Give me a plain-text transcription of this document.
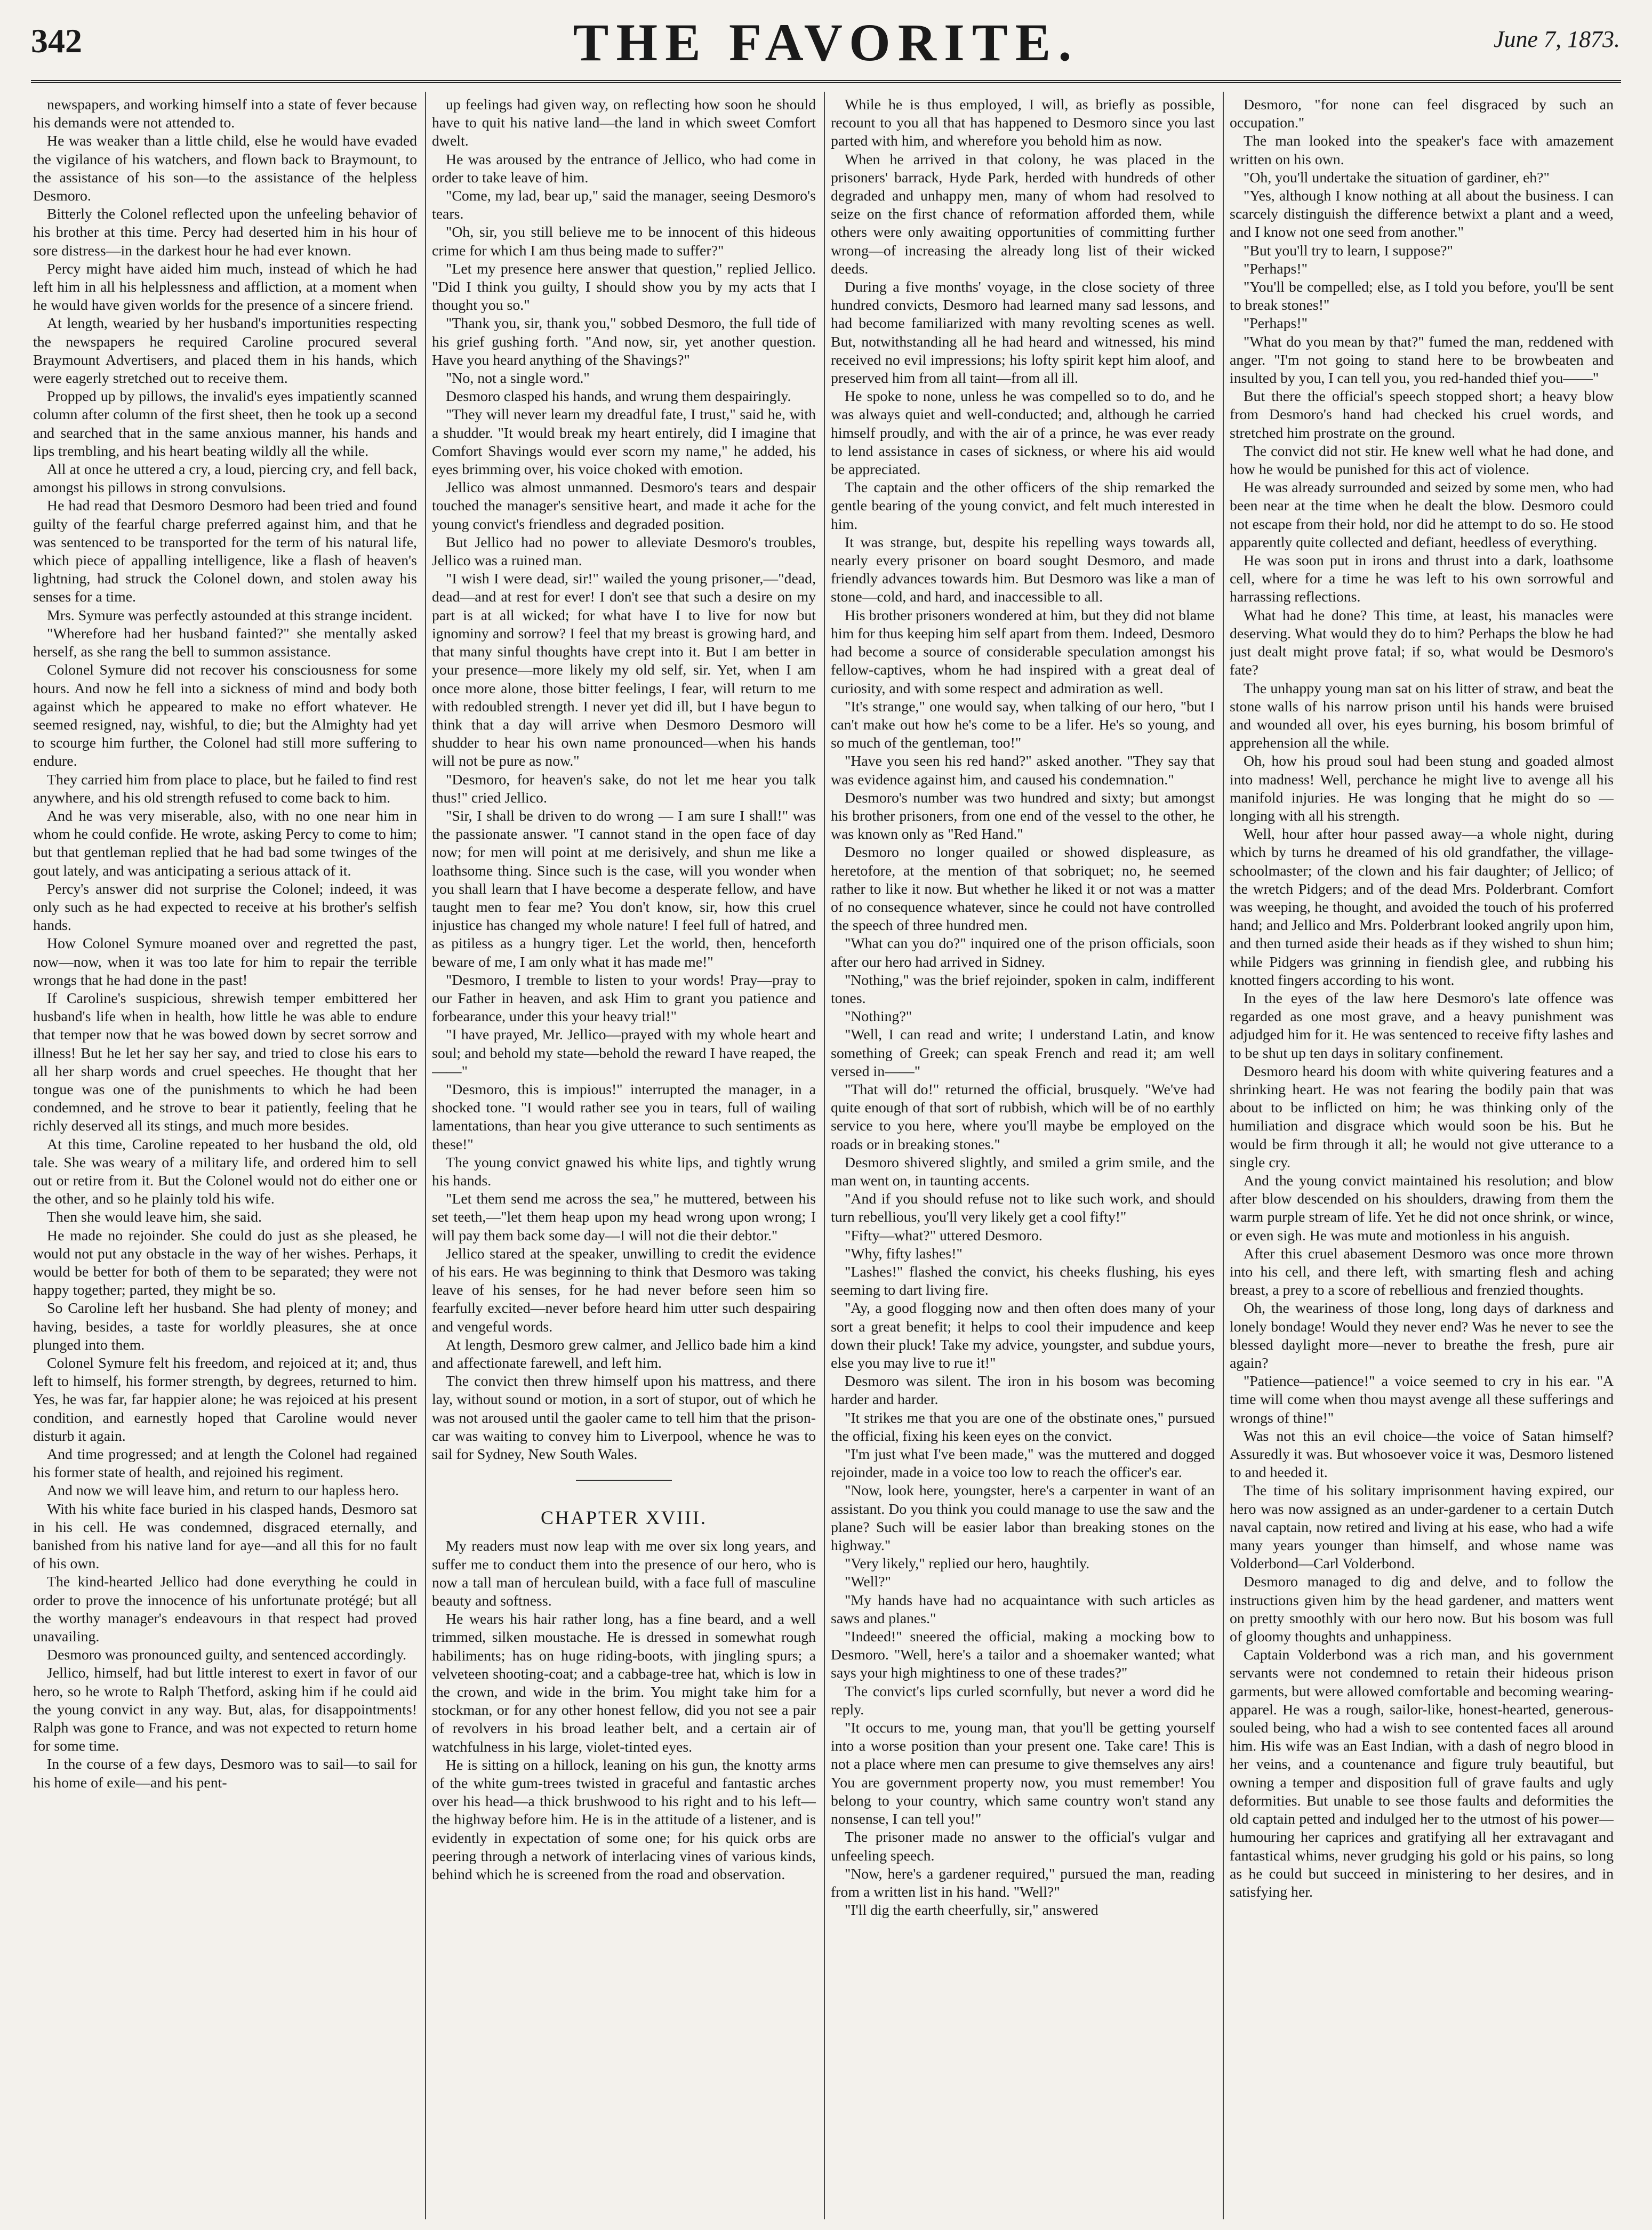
342	THE FAVORITE.	June 7, 1873.

newspapers, and working himself into a state of fever because his demands were not attended to.

He was weaker than a little child, else he would have evaded the vigilance of his watchers, and flown back to Braymount, to the assistance of his son—to the assistance of the helpless Desmoro.

Bitterly the Colonel reflected upon the unfeeling behavior of his brother at this time. Percy had deserted him in his hour of sore distress—in the darkest hour he had ever known.

Percy might have aided him much, instead of which he had left him in all his helplessness and affliction, at a moment when he would have given worlds for the presence of a sincere friend.

At length, wearied by her husband's importunities respecting the newspapers he required Caroline procured several Braymount Advertisers, and placed them in his hands, which were eagerly stretched out to receive them.

Propped up by pillows, the invalid's eyes impatiently scanned column after column of the first sheet, then he took up a second and searched that in the same anxious manner, his hands and lips trembling, and his heart beating wildly all the while.

All at once he uttered a cry, a loud, piercing cry, and fell back, amongst his pillows in strong convulsions.

He had read that Desmoro Desmoro had been tried and found guilty of the fearful charge preferred against him, and that he was sentenced to be transported for the term of his natural life, which piece of appalling intelligence, like a flash of heaven's lightning, had struck the Colonel down, and stolen away his senses for a time.

Mrs. Symure was perfectly astounded at this strange incident.

"Wherefore had her husband fainted?" she mentally asked herself, as she rang the bell to summon assistance.

Colonel Symure did not recover his consciousness for some hours. And now he fell into a sickness of mind and body both against which he appeared to make no effort whatever. He seemed resigned, nay, wishful, to die; but the Almighty had yet to scourge him further, the Colonel had still more suffering to endure.

They carried him from place to place, but he failed to find rest anywhere, and his old strength refused to come back to him.

And he was very miserable, also, with no one near him in whom he could confide. He wrote, asking Percy to come to him; but that gentleman replied that he had bad some twinges of the gout lately, and was anticipating a serious attack of it.

Percy's answer did not surprise the Colonel; indeed, it was only such as he had expected to receive at his brother's selfish hands.

How Colonel Symure moaned over and regretted the past, now—now, when it was too late for him to repair the terrible wrongs that he had done in the past!

If Caroline's suspicious, shrewish temper embittered her husband's life when in health, how little he was able to endure that temper now that he was bowed down by secret sorrow and illness! But he let her say her say, and tried to close his ears to all her sharp words and cruel speeches. He thought that her tongue was one of the punishments to which he had been condemned, and he strove to bear it patiently, feeling that he richly deserved all its stings, and much more besides.

At this time, Caroline repeated to her husband the old, old tale. She was weary of a military life, and ordered him to sell out or retire from it. But the Colonel would not do either one or the other, and so he plainly told his wife.

Then she would leave him, she said.

He made no rejoinder. She could do just as she pleased, he would not put any obstacle in the way of her wishes. Perhaps, it would be better for both of them to be separated; they were not happy together; parted, they might be so.

So Caroline left her husband. She had plenty of money; and having, besides, a taste for worldly pleasures, she at once plunged into them.

Colonel Symure felt his freedom, and rejoiced at it; and, thus left to himself, his former strength, by degrees, returned to him. Yes, he was far, far happier alone; he was rejoiced at his present condition, and earnestly hoped that Caroline would never disturb it again.

And time progressed; and at length the Colonel had regained his former state of health, and rejoined his regiment.

And now we will leave him, and return to our hapless hero.

With his white face buried in his clasped hands, Desmoro sat in his cell. He was condemned, disgraced eternally, and banished from his native land for aye—and all this for no fault of his own.

The kind-hearted Jellico had done everything he could in order to prove the innocence of his unfortunate protégé; but all the worthy manager's endeavours in that respect had proved unavailing.

Desmoro was pronounced guilty, and sentenced accordingly.

Jellico, himself, had but little interest to exert in favor of our hero, so he wrote to Ralph Thetford, asking him if he could aid the young convict in any way. But, alas, for disappointments! Ralph was gone to France, and was not expected to return home for some time.

In the course of a few days, Desmoro was to sail—to sail for his home of exile—and his pent-

up feelings had given way, on reflecting how soon he should have to quit his native land—the land in which sweet Comfort dwelt.

He was aroused by the entrance of Jellico, who had come in order to take leave of him.

"Come, my lad, bear up," said the manager, seeing Desmoro's tears.

"Oh, sir, you still believe me to be innocent of this hideous crime for which I am thus being made to suffer?"

"Let my presence here answer that question," replied Jellico. "Did I think you guilty, I should show you by my acts that I thought you so."

"Thank you, sir, thank you," sobbed Desmoro, the full tide of his grief gushing forth. "And now, sir, yet another question. Have you heard anything of the Shavings?"

"No, not a single word."

Desmoro clasped his hands, and wrung them despairingly.

"They will never learn my dreadful fate, I trust," said he, with a shudder. "It would break my heart entirely, did I imagine that Comfort Shavings would ever scorn my name," he added, his eyes brimming over, his voice choked with emotion.

Jellico was almost unmanned. Desmoro's tears and despair touched the manager's sensitive heart, and made it ache for the young convict's friendless and degraded position.

But Jellico had no power to alleviate Desmoro's troubles, Jellico was a ruined man.

"I wish I were dead, sir!" wailed the young prisoner,—"dead, dead—and at rest for ever! I don't see that such a desire on my part is at all wicked; for what have I to live for now but ignominy and sorrow? I feel that my breast is growing hard, and that many sinful thoughts have crept into it. But I am better in your presence—more likely my old self, sir. Yet, when I am once more alone, those bitter feelings, I fear, will return to me with redoubled strength. I never yet did ill, but I have begun to think that a day will arrive when Desmoro Desmoro will shudder to hear his own name pronounced—when his hands will not be pure as now."

"Desmoro, for heaven's sake, do not let me hear you talk thus!" cried Jellico.

"Sir, I shall be driven to do wrong — I am sure I shall!" was the passionate answer. "I cannot stand in the open face of day now; for men will point at me derisively, and shun me like a loathsome thing. Since such is the case, will you wonder when you shall learn that I have become a desperate fellow, and have taught men to fear me? You don't know, sir, how this cruel injustice has changed my whole nature! I feel full of hatred, and as pitiless as a hungry tiger. Let the world, then, henceforth beware of me, I am only what it has made me!"

"Desmoro, I tremble to listen to your words! Pray—pray to our Father in heaven, and ask Him to grant you patience and forbearance, under this your heavy trial!"

"I have prayed, Mr. Jellico—prayed with my whole heart and soul; and behold my state—behold the reward I have reaped, the——"

"Desmoro, this is impious!" interrupted the manager, in a shocked tone. "I would rather see you in tears, full of wailing lamentations, than hear you give utterance to such sentiments as these!"

The young convict gnawed his white lips, and tightly wrung his hands.

"Let them send me across the sea," he muttered, between his set teeth,—"let them heap upon my head wrong upon wrong; I will pay them back some day—I will not die their debtor."

Jellico stared at the speaker, unwilling to credit the evidence of his ears. He was beginning to think that Desmoro was taking leave of his senses, for he had never before seen him so fearfully excited—never before heard him utter such despairing and vengeful words.

At length, Desmoro grew calmer, and Jellico bade him a kind and affectionate farewell, and left him.

The convict then threw himself upon his mattress, and there lay, without sound or motion, in a sort of stupor, out of which he was not aroused until the gaoler came to tell him that the prison-car was waiting to convey him to Liverpool, whence he was to sail for Sydney, New South Wales.

CHAPTER XVIII.

My readers must now leap with me over six long years, and suffer me to conduct them into the presence of our hero, who is now a tall man of herculean build, with a face full of masculine beauty and softness.

He wears his hair rather long, has a fine beard, and a well trimmed, silken moustache. He is dressed in somewhat rough habiliments; has on huge riding-boots, with jingling spurs; a velveteen shooting-coat; and a cabbage-tree hat, which is low in the crown, and wide in the brim. You might take him for a stockman, or for any other honest fellow, did you not see a pair of revolvers in his broad leather belt, and a certain air of watchfulness in his large, violet-tinted eyes.

He is sitting on a hillock, leaning on his gun, the knotty arms of the white gum-trees twisted in graceful and fantastic arches over his head—a thick brushwood to his right and to his left—the highway before him. He is in the attitude of a listener, and is evidently in expectation of some one; for his quick orbs are peering through a network of interlacing vines of various kinds, behind which he is screened from the road and observation.

While he is thus employed, I will, as briefly as possible, recount to you all that has happened to Desmoro since you last parted with him, and wherefore you behold him as now.

When he arrived in that colony, he was placed in the prisoners' barrack, Hyde Park, herded with hundreds of other degraded and unhappy men, many of whom had resolved to seize on the first chance of reformation afforded them, while others were only awaiting opportunities of committing further wrong—of increasing the already long list of their wicked deeds.

During a five months' voyage, in the close society of three hundred convicts, Desmoro had learned many sad lessons, and had become familiarized with many revolting scenes as well. But, notwithstanding all he had heard and witnessed, his mind received no evil impressions; his lofty spirit kept him aloof, and preserved him from all taint—from all ill.

He spoke to none, unless he was compelled so to do, and he was always quiet and well-conducted; and, although he carried himself proudly, and with the air of a prince, he was ever ready to lend assistance in cases of sickness, or where his aid would be appreciated.

The captain and the other officers of the ship remarked the gentle bearing of the young convict, and felt much interested in him.

It was strange, but, despite his repelling ways towards all, nearly every prisoner on board sought Desmoro, and made friendly advances towards him. But Desmoro was like a man of stone—cold, and hard, and inaccessible to all.

His brother prisoners wondered at him, but they did not blame him for thus keeping him self apart from them. Indeed, Desmoro had become a source of considerable speculation amongst his fellow-captives, whom he had inspired with a great deal of curiosity, and with some respect and admiration as well.

"It's strange," one would say, when talking of our hero, "but I can't make out how he's come to be a lifer. He's so young, and so much of the gentleman, too!"

"Have you seen his red hand?" asked another. "They say that was evidence against him, and caused his condemnation."

Desmoro's number was two hundred and sixty; but amongst his brother prisoners, from one end of the vessel to the other, he was known only as "Red Hand."

Desmoro no longer quailed or showed displeasure, as heretofore, at the mention of that sobriquet; no, he seemed rather to like it now. But whether he liked it or not was a matter of no consequence whatever, since he could not have controlled the speech of three hundred men.

"What can you do?" inquired one of the prison officials, soon after our hero had arrived in Sidney.

"Nothing," was the brief rejoinder, spoken in calm, indifferent tones.

"Nothing?"

"Well, I can read and write; I understand Latin, and know something of Greek; can speak French and read it; am well versed in——"

"That will do!" returned the official, brusquely. "We've had quite enough of that sort of rubbish, which will be of no earthly service to you here, where you'll maybe be employed on the roads or in breaking stones."

Desmoro shivered slightly, and smiled a grim smile, and the man went on, in taunting accents.

"And if you should refuse not to like such work, and should turn rebellious, you'll very likely get a cool fifty!"

"Fifty—what?" uttered Desmoro.

"Why, fifty lashes!"

"Lashes!" flashed the convict, his cheeks flushing, his eyes seeming to dart living fire.

"Ay, a good flogging now and then often does many of your sort a great benefit; it helps to cool their impudence and keep down their pluck! Take my advice, youngster, and subdue yours, else you may live to rue it!"

Desmoro was silent. The iron in his bosom was becoming harder and harder.

"It strikes me that you are one of the obstinate ones," pursued the official, fixing his keen eyes on the convict.

"I'm just what I've been made," was the muttered and dogged rejoinder, made in a voice too low to reach the officer's ear.

"Now, look here, youngster, here's a carpenter in want of an assistant. Do you think you could manage to use the saw and the plane? Such will be easier labor than breaking stones on the highway."

"Very likely," replied our hero, haughtily.

"Well?"

"My hands have had no acquaintance with such articles as saws and planes."

"Indeed!" sneered the official, making a mocking bow to Desmoro. "Well, here's a tailor and a shoemaker wanted; what says your high mightiness to one of these trades?"

The convict's lips curled scornfully, but never a word did he reply.

"It occurs to me, young man, that you'll be getting yourself into a worse position than your present one. Take care! This is not a place where men can presume to give themselves any airs! You are government property now, you must remember! You belong to your country, which same country won't stand any nonsense, I can tell you!"

The prisoner made no answer to the official's vulgar and unfeeling speech.

"Now, here's a gardener required," pursued the man, reading from a written list in his hand. "Well?"

"I'll dig the earth cheerfully, sir," answered

Desmoro, "for none can feel disgraced by such an occupation."

The man looked into the speaker's face with amazement written on his own.

"Oh, you'll undertake the situation of gardiner, eh?"

"Yes, although I know nothing at all about the business. I can scarcely distinguish the difference betwixt a plant and a weed, and I know not one seed from another."

"But you'll try to learn, I suppose?"

"Perhaps!"

"You'll be compelled; else, as I told you before, you'll be sent to break stones!"

"Perhaps!"

"What do you mean by that?" fumed the man, reddened with anger. "I'm not going to stand here to be browbeaten and insulted by you, I can tell you, you red-handed thief you——"

But there the official's speech stopped short; a heavy blow from Desmoro's hand had checked his cruel words, and stretched him prostrate on the ground.

The convict did not stir. He knew well what he had done, and how he would be punished for this act of violence.

He was already surrounded and seized by some men, who had been near at the time when he dealt the blow. Desmoro could not escape from their hold, nor did he attempt to do so. He stood apparently quite collected and defiant, heedless of everything.

He was soon put in irons and thrust into a dark, loathsome cell, where for a time he was left to his own sorrowful and harrassing reflections.

What had he done? This time, at least, his manacles were deserving. What would they do to him? Perhaps the blow he had just dealt might prove fatal; if so, what would be Desmoro's fate?

The unhappy young man sat on his litter of straw, and beat the stone walls of his narrow prison until his hands were bruised and wounded all over, his eyes burning, his bosom brimful of apprehension all the while.

Oh, how his proud soul had been stung and goaded almost into madness! Well, perchance he might live to avenge all his manifold injuries. He was longing that he might do so — longing with all his strength.

Well, hour after hour passed away—a whole night, during which by turns he dreamed of his old grandfather, the village-schoolmaster; of the clown and his fair daughter; of Jellico; of the wretch Pidgers; and of the dead Mrs. Polderbrant. Comfort was weeping, he thought, and avoided the touch of his proferred hand; and Jellico and Mrs. Polderbrant looked angrily upon him, and then turned aside their heads as if they wished to shun him; while Pidgers was grinning in fiendish glee, and rubbing his knotted fingers according to his wont.

In the eyes of the law here Desmoro's late offence was regarded as one most grave, and a heavy punishment was adjudged him for it. He was sentenced to receive fifty lashes and to be shut up ten days in solitary confinement.

Desmoro heard his doom with white quivering features and a shrinking heart. He was not fearing the bodily pain that was about to be inflicted on him; he was thinking only of the humiliation and disgrace which would soon be his. But he would be firm through it all; he would not give utterance to a single cry.

And the young convict maintained his resolution; and blow after blow descended on his shoulders, drawing from them the warm purple stream of life. Yet he did not once shrink, or wince, or even sigh. He was mute and motionless in his anguish.

After this cruel abasement Desmoro was once more thrown into his cell, and there left, with smarting flesh and aching breast, a prey to a score of rebellious and frenzied thoughts.

Oh, the weariness of those long, long days of darkness and lonely bondage! Would they never end? Was he never to see the blessed daylight more—never to breathe the fresh, pure air again?

"Patience—patience!" a voice seemed to cry in his ear. "A time will come when thou mayst avenge all these sufferings and wrongs of thine!"

Was not this an evil choice—the voice of Satan himself? Assuredly it was. But whosoever voice it was, Desmoro listened to and heeded it.

The time of his solitary imprisonment having expired, our hero was now assigned as an under-gardener to a certain Dutch naval captain, now retired and living at his ease, who had a wife many years younger than himself, and whose name was Volderbond—Carl Volderbond.

Desmoro managed to dig and delve, and to follow the instructions given him by the head gardener, and matters went on pretty smoothly with our hero now. But his bosom was full of gloomy thoughts and unhappiness.

Captain Volderbond was a rich man, and his government servants were not condemned to retain their hideous prison garments, but were allowed comfortable and becoming wearing-apparel. He was a rough, sailor-like, honest-hearted, generous-souled being, who had a wish to see contented faces all around him. His wife was an East Indian, with a dash of negro blood in her veins, and a countenance and figure truly beautiful, but owning a temper and disposition full of grave faults and ugly deformities. But unable to see those faults and deformities the old captain petted and indulged her to the utmost of his power—humouring her caprices and gratifying all her extravagant and fantastical whims, never grudging his gold or his pains, so long as he could but succeed in ministering to her desires, and in satisfying her.
